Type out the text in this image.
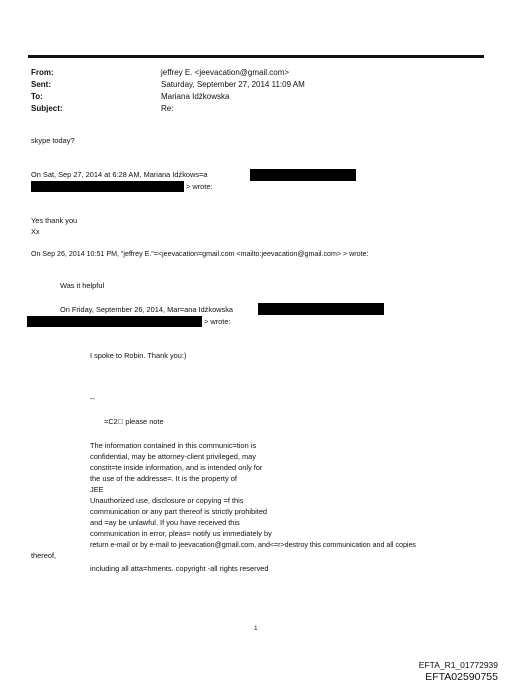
From:	jeffrey E. <jeevacation@gmail.com>
Sent:	Saturday, September 27, 2014 11:09 AM
To:	Mariana Idźkowska
Subject:	Re:
skype today?
On Sat, Sep 27, 2014 at 6:28 AM, Mariana Idźkows=a
> wrote:
Yes thank you
Xx
On Sep 26, 2014 10:51 PM, "jeffrey E."=<jeevacation=gmail.com <mailto:jeevacation@gmail.com> > wrote:
Was it helpful
On Friday, September 26, 2014, Mar=ana Idźkowska
> wrote:
I spoke to Robin. Thank you:)
--
=C2  please note
The information contained in this communic=tion is
confidential, may be attorney-client privileged, may
constit=te inside information, and is intended only for
the use of the addresse=. It is the property of
JEE
Unauthorized use, disclosure or copying =f this
communication or any part thereof is strictly prohibited
and =ay be unlawful. If you have received this
communication in error, pleas= notify us immediately by
return e-mail or by e-mail to jeevacation@gmail.com, and<=r>destroy this communication and all copies
thereof,
including all atta=hments. copyright -all rights reserved
1
EFTA_R1_01772939
EFTA02590755
